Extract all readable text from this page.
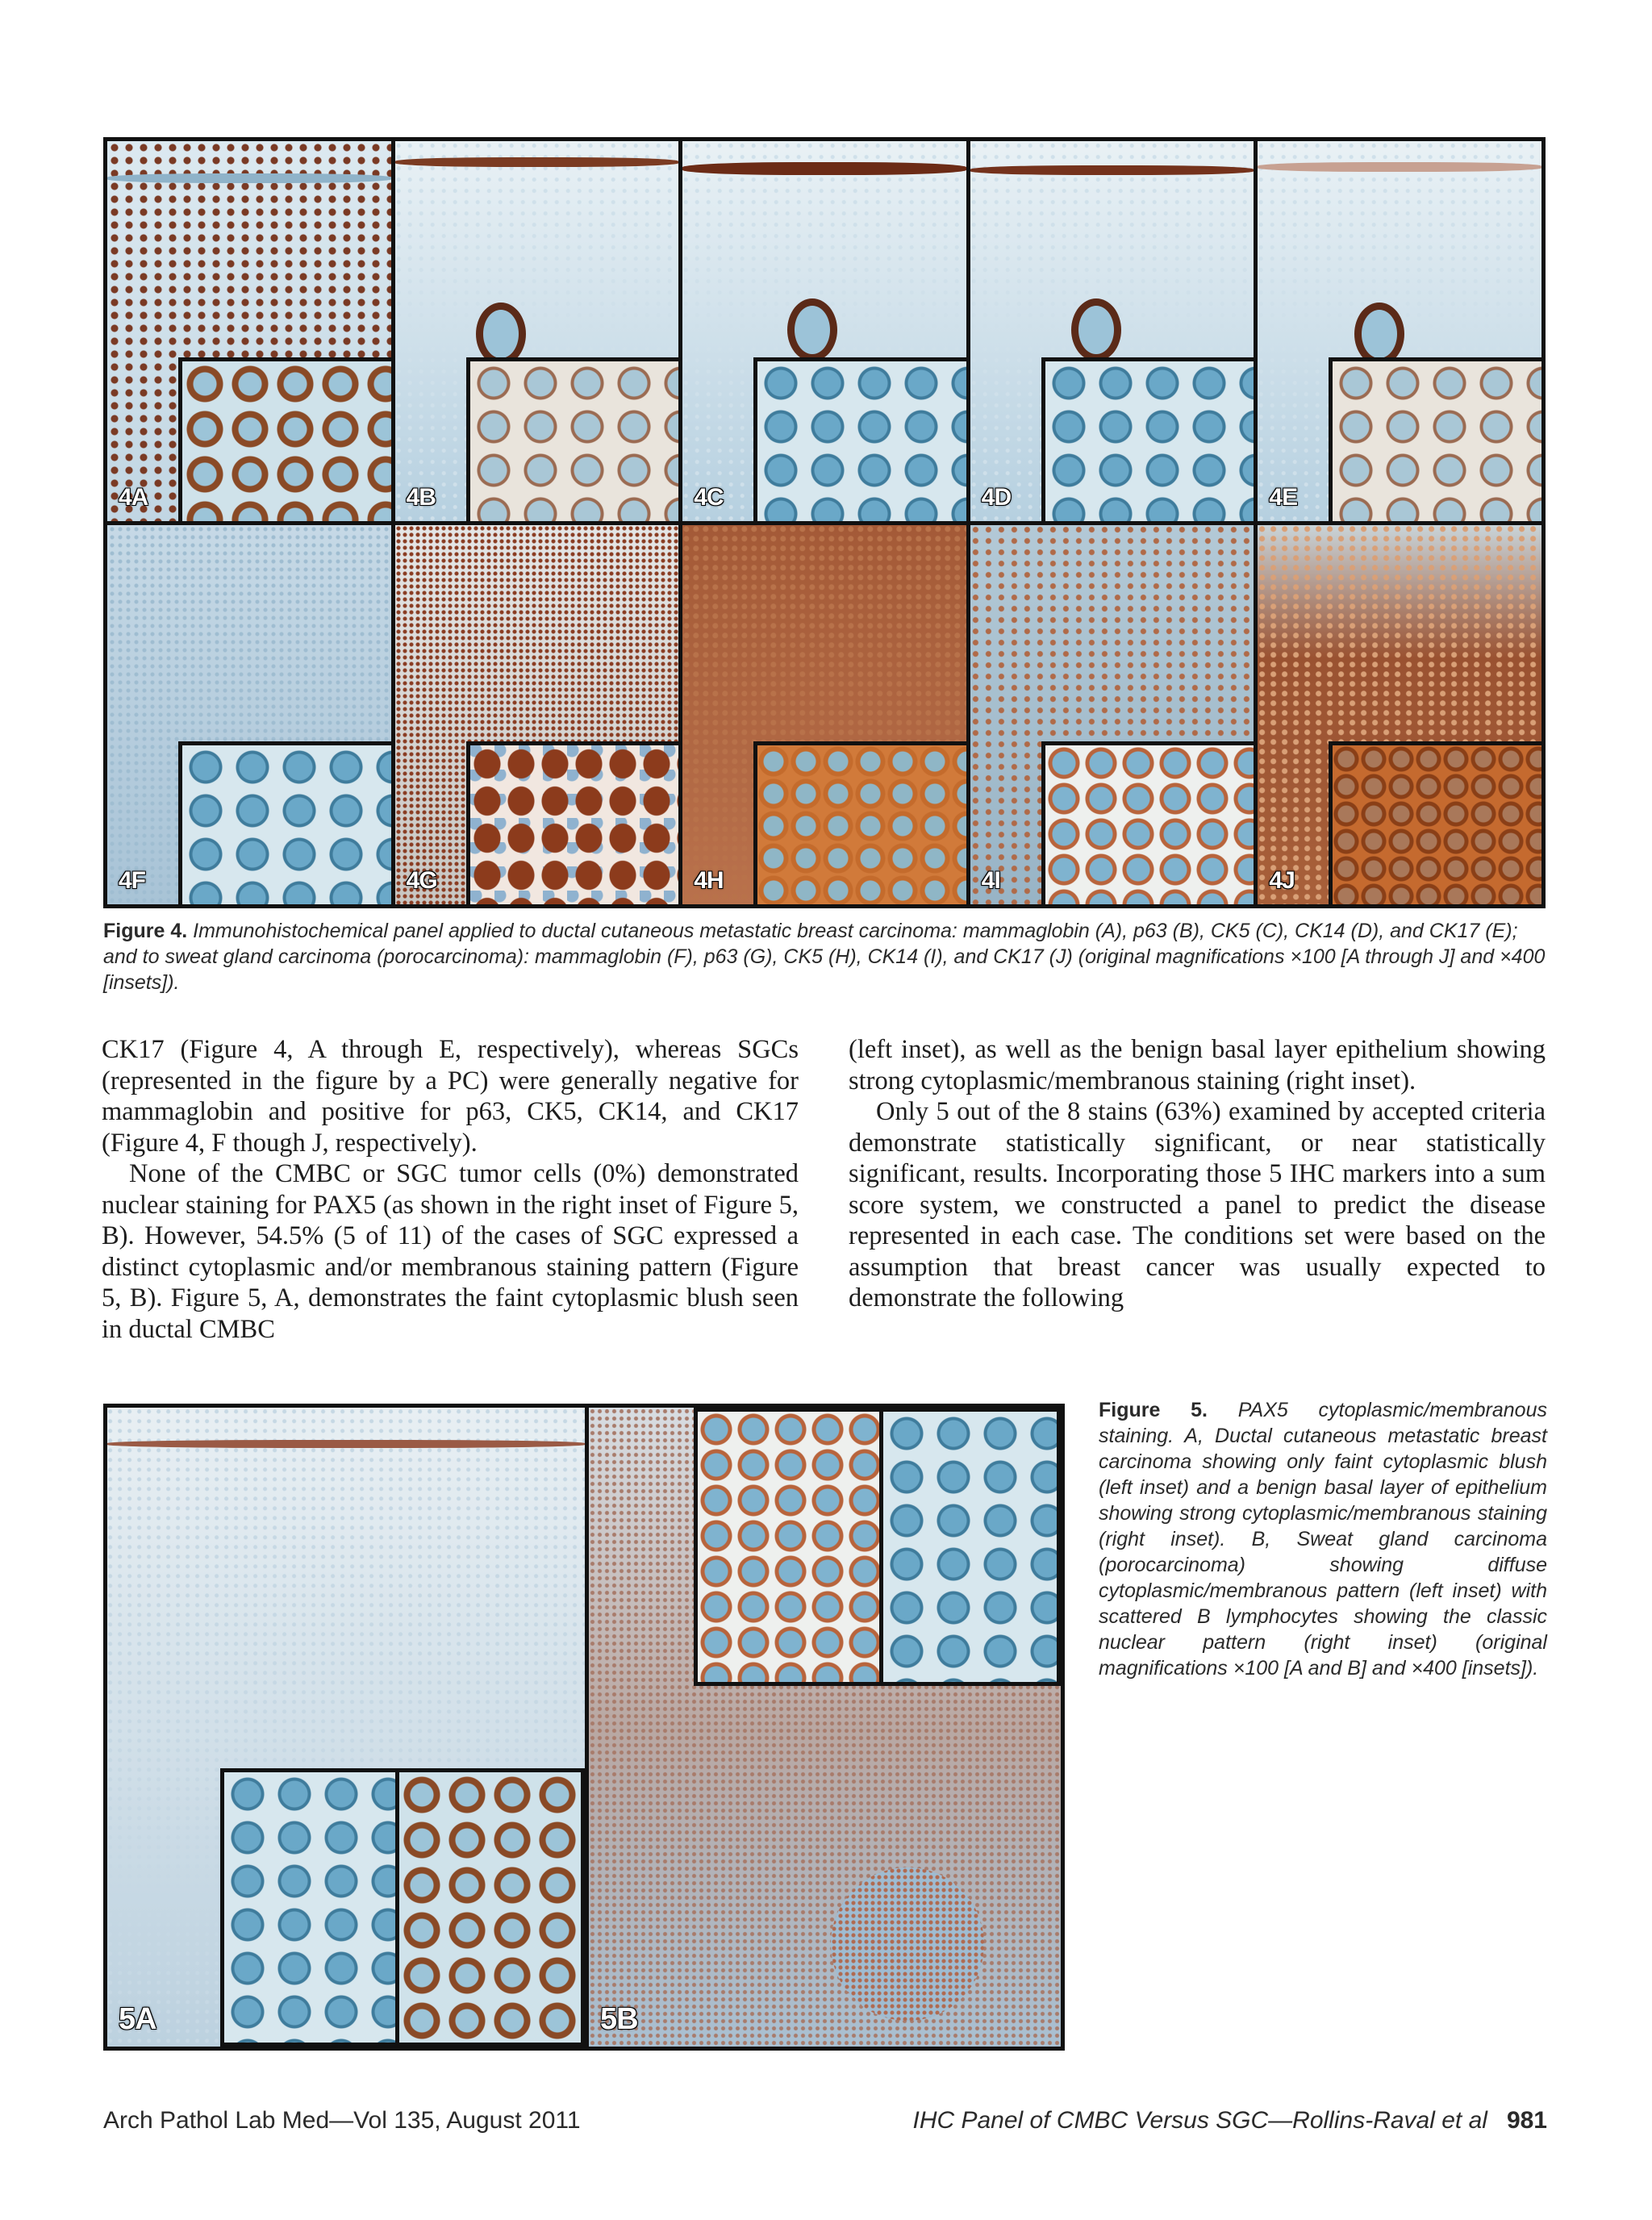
4A	4B	4C	4D	4E
4F	4G	4H	4I	4J
Figure 4. Immunohistochemical panel applied to ductal cutaneous metastatic breast carcinoma: mammaglobin (A), p63 (B), CK5 (C), CK14 (D), and CK17 (E); and to sweat gland carcinoma (porocarcinoma): mammaglobin (F), p63 (G), CK5 (H), CK14 (I), and CK17 (J) (original magnifications ×100 [A through J] and ×400 [insets]).

CK17 (Figure 4, A through E, respectively), whereas SGCs (represented in the figure by a PC) were generally negative for mammaglobin and positive for p63, CK5, CK14, and CK17 (Figure 4, F though J, respectively).

None of the CMBC or SGC tumor cells (0%) demonstrated nuclear staining for PAX5 (as shown in the right inset of Figure 5, B). However, 54.5% (5 of 11) of the cases of SGC expressed a distinct cytoplasmic and/or membranous staining pattern (Figure 5, B). Figure 5, A, demonstrates the faint cytoplasmic blush seen in ductal CMBC

(left inset), as well as the benign basal layer epithelium showing strong cytoplasmic/membranous staining (right inset).

Only 5 out of the 8 stains (63%) examined by accepted criteria demonstrate statistically significant, or near statistically significant, results. Incorporating those 5 IHC markers into a sum score system, we constructed a panel to predict the disease represented in each case. The conditions set were based on the assumption that breast cancer was usually expected to demonstrate the following

5A	5B
Figure 5. PAX5 cytoplasmic/membranous staining. A, Ductal cutaneous metastatic breast carcinoma showing only faint cytoplasmic blush (left inset) and a benign basal layer of epithelium showing strong cytoplasmic/membranous staining (right inset). B, Sweat gland carcinoma (porocarcinoma) showing diffuse cytoplasmic/membranous pattern (left inset) with scattered B lymphocytes showing the classic nuclear pattern (right inset) (original magnifications ×100 [A and B] and ×400 [insets]).
Arch Pathol Lab Med—Vol 135, August 2011	IHC Panel of CMBC Versus SGC—Rollins-Raval et al 981
